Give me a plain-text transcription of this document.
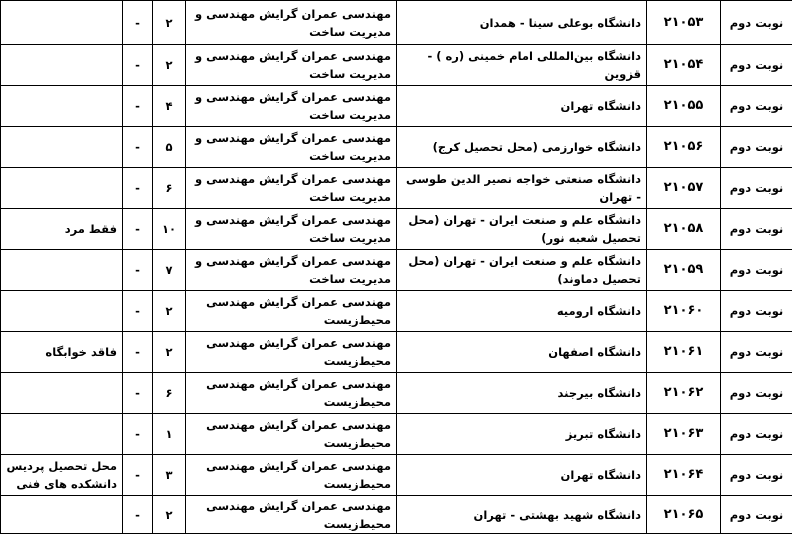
نوبت دوم	۲۱۰۵۳	دانشگاه بوعلی سینا - همدان	مهندسی عمران گرایش مهندسی و مدیریت ساخت	۲	-	
نوبت دوم	۲۱۰۵۴	دانشگاه بین‌المللی امام خمینی (ره ) - قزوین	مهندسی عمران گرایش مهندسی و مدیریت ساخت	۲	-	
نوبت دوم	۲۱۰۵۵	دانشگاه تهران	مهندسی عمران گرایش مهندسی و مدیریت ساخت	۴	-	
نوبت دوم	۲۱۰۵۶	دانشگاه خوارزمی (محل تحصیل کرج)	مهندسی عمران گرایش مهندسی و مدیریت ساخت	۵	-	
نوبت دوم	۲۱۰۵۷	دانشگاه صنعتی خواجه نصیر الدین طوسی - تهران	مهندسی عمران گرایش مهندسی و مدیریت ساخت	۶	-	
نوبت دوم	۲۱۰۵۸	دانشگاه علم و صنعت ایران - تهران (محل تحصیل شعبه نور)	مهندسی عمران گرایش مهندسی و مدیریت ساخت	۱۰	-	فقط مرد
نوبت دوم	۲۱۰۵۹	دانشگاه علم و صنعت ایران - تهران (محل تحصیل دماوند)	مهندسی عمران گرایش مهندسی و مدیریت ساخت	۷	-	
نوبت دوم	۲۱۰۶۰	دانشگاه ارومیه	مهندسی عمران گرایش مهندسی محیط‌زیست	۲	-	
نوبت دوم	۲۱۰۶۱	دانشگاه اصفهان	مهندسی عمران گرایش مهندسی محیط‌زیست	۲	-	فاقد خوابگاه
نوبت دوم	۲۱۰۶۲	دانشگاه بیرجند	مهندسی عمران گرایش مهندسی محیط‌زیست	۶	-	
نوبت دوم	۲۱۰۶۳	دانشگاه تبریز	مهندسی عمران گرایش مهندسی محیط‌زیست	۱	-	
نوبت دوم	۲۱۰۶۴	دانشگاه تهران	مهندسی عمران گرایش مهندسی محیط‌زیست	۳	-	محل تحصیل پردیس دانشکده های فنی
نوبت دوم	۲۱۰۶۵	دانشگاه شهید بهشتی - تهران	مهندسی عمران گرایش مهندسی محیط‌زیست	۲	-	
